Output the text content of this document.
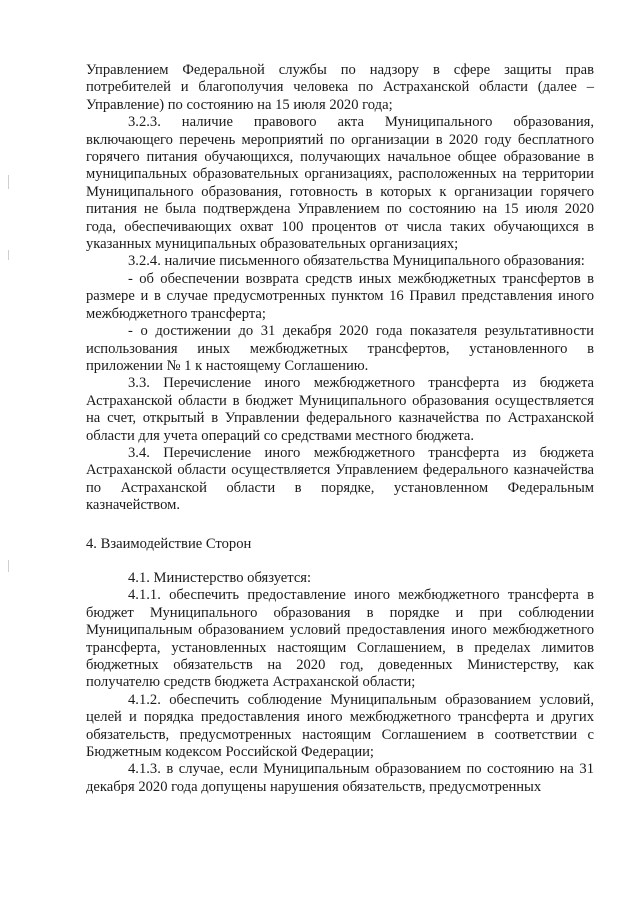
Управлением Федеральной службы по надзору в сфере защиты прав потребителей и благополучия человека по Астраханской области (далее – Управление) по состоянию на 15 июля 2020 года;

3.2.3. наличие правового акта Муниципального образования, включающего перечень мероприятий по организации в 2020 году бесплатного горячего питания обучающихся, получающих начальное общее образование в муниципальных образовательных организациях, расположенных на территории Муниципального образования, готовность в которых к организации горячего питания не была подтверждена Управлением по состоянию на 15 июля 2020 года, обеспечивающих охват 100 процентов от числа таких обучающихся в указанных муниципальных образовательных организациях;

3.2.4. наличие письменного обязательства Муниципального образования:

- об обеспечении возврата средств иных межбюджетных трансфертов в размере и в случае предусмотренных пунктом 16 Правил представления иного межбюджетного трансферта;

- о достижении до 31 декабря 2020 года показателя результативности использования иных межбюджетных трансфертов, установленного в приложении № 1 к настоящему Соглашению.

3.3. Перечисление иного межбюджетного трансферта из бюджета Астраханской области в бюджет Муниципального образования осуществляется на счет, открытый в Управлении федерального казначейства по Астраханской области для учета операций со средствами местного бюджета.

3.4. Перечисление иного межбюджетного трансферта из бюджета Астраханской области осуществляется Управлением федерального казначейства по Астраханской области в порядке, установленном Федеральным казначейством.

4. Взаимодействие Сторон

4.1. Министерство обязуется:

4.1.1. обеспечить предоставление иного межбюджетного трансферта в бюджет Муниципального образования в порядке и при соблюдении Муниципальным образованием условий предоставления иного межбюджетного трансферта, установленных настоящим Соглашением, в пределах лимитов бюджетных обязательств на 2020 год, доведенных Министерству, как получателю средств бюджета Астраханской области;

4.1.2. обеспечить соблюдение Муниципальным образованием условий, целей и порядка предоставления иного межбюджетного трансферта и других обязательств, предусмотренных настоящим Соглашением в соответствии с Бюджетным кодексом Российской Федерации;

4.1.3. в случае, если Муниципальным образованием по состоянию на 31 декабря 2020 года допущены нарушения обязательств, предусмотренных
